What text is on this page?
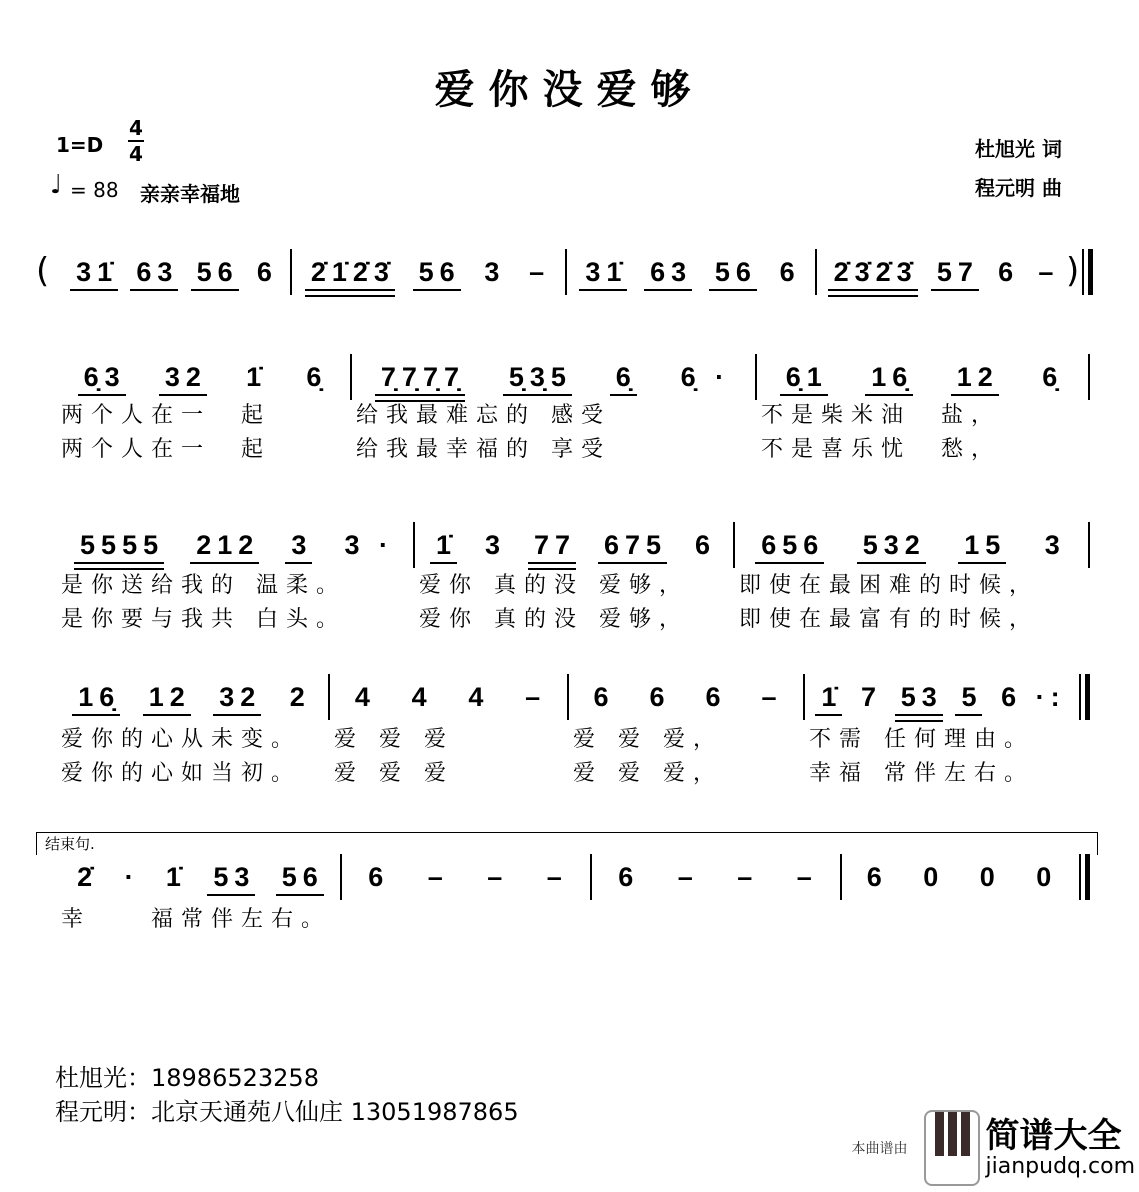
爱你没爱够
1=D
4
4
♩ = 88 亲亲幸福地
杜旭光 词
程元明 曲
(	)
31̇ 63 56 6 2̇1̇2̇3̇ 56 3 – 31̇ 63 56 6 2̇3̇2̇3̇ 57 6 –
6̣3 32 1̇ 6̣
两个人在一  起
两个人在一  起
7̣7̣7̣7̣ 5̣3̣5 6̣ 6̣ ·
给我最难忘的 感受
给我最幸福的 享受
6̣1 16̣ 12 6̣
不是柴米油  盐，
不是喜乐忧  愁，
5555 212 3 3 ·
是你送给我的 温柔。
是你要与我共 白头。
1̇ 3 77 675 6
爱你 真的没 爱够，
爱你 真的没 爱够，
656 532 15 3
即使在最困难的时候，
即使在最富有的时候，
16̣ 12 32 2
爱你的心从未变。
爱你的心如当初。
4 4 4 –
爱 爱 爱
爱 爱 爱
6 6 6 –
爱 爱 爱，
爱 爱 爱，
1̇ 7 53 5 6 ·:
不需 任何理由。
幸福 常伴左右。
结束句.
2̇ · 1̇ 53 56
幸    福常伴左右。
6 – – – 6 – – – 6 0 0 0
杜旭光：18986523258
程元明：北京天通苑八仙庄 13051987865
本曲谱由 简谱大全
jianpudq.com
